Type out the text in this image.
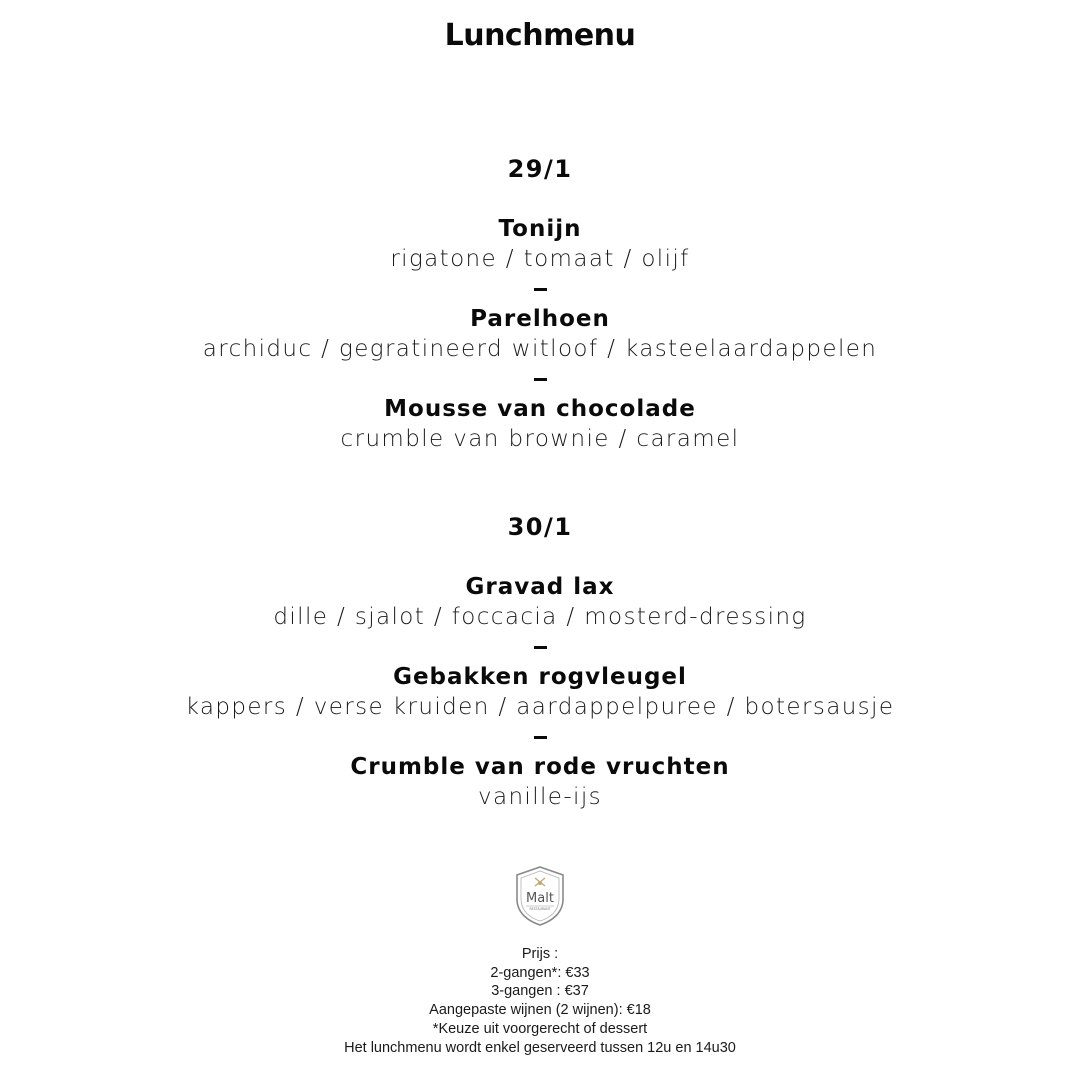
Lunchmenu
29/1
Tonijn
rigatone / tomaat / olijf
Parelhoen
archiduc / gegratineerd witloof / kasteelaardappelen
Mousse van chocolade
crumble van brownie / caramel
30/1
Gravad lax
dille / sjalot / foccacia / mosterd-dressing
Gebakken rogvleugel
kappers / verse kruiden / aardappelpuree / botersausje
Crumble van rode vruchten
vanille-ijs
Malt
RESTAURANT
Prijs :
2-gangen*: €33
3-gangen : €37
Aangepaste wijnen (2 wijnen): €18
*Keuze uit voorgerecht of dessert
Het lunchmenu wordt enkel geserveerd tussen 12u en 14u30
